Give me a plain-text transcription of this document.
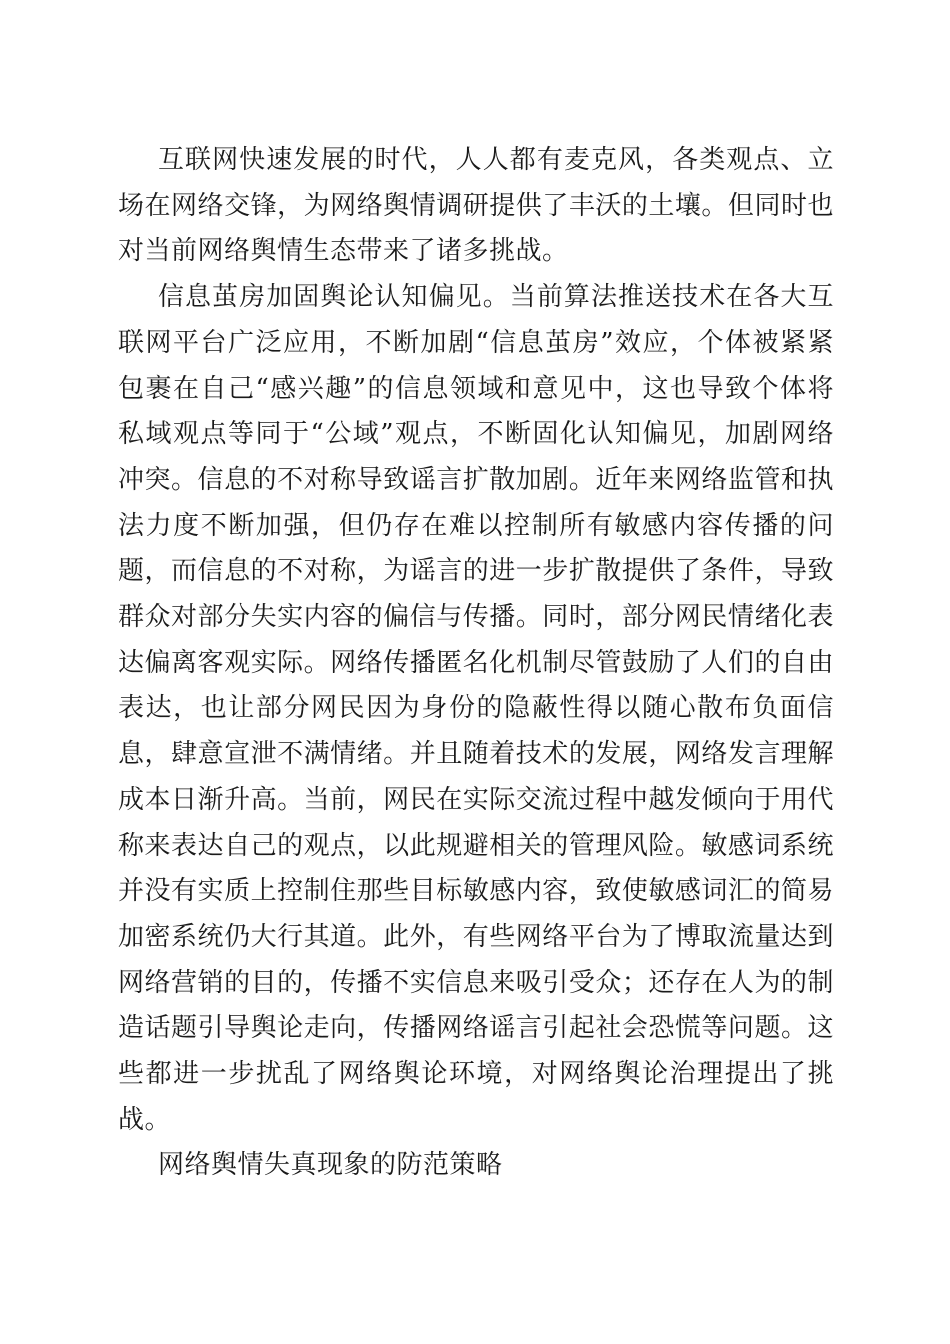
互联网快速发展的时代，人人都有麦克风，各类观点、立场在网络交锋，为网络舆情调研提供了丰沃的土壤。但同时也对当前网络舆情生态带来了诸多挑战。

信息茧房加固舆论认知偏见。当前算法推送技术在各大互联网平台广泛应用，不断加剧“信息茧房”效应，个体被紧紧包裹在自己“感兴趣”的信息领域和意见中，这也导致个体将私域观点等同于“公域”观点，不断固化认知偏见，加剧网络冲突。信息的不对称导致谣言扩散加剧。近年来网络监管和执法力度不断加强，但仍存在难以控制所有敏感内容传播的问题，而信息的不对称，为谣言的进一步扩散提供了条件，导致群众对部分失实内容的偏信与传播。同时，部分网民情绪化表达偏离客观实际。网络传播匿名化机制尽管鼓励了人们的自由表达，也让部分网民因为身份的隐蔽性得以随心散布负面信息，肆意宣泄不满情绪。并且随着技术的发展，网络发言理解成本日渐升高。当前，网民在实际交流过程中越发倾向于用代称来表达自己的观点，以此规避相关的管理风险。敏感词系统并没有实质上控制住那些目标敏感内容，致使敏感词汇的简易加密系统仍大行其道。此外，有些网络平台为了博取流量达到网络营销的目的，传播不实信息来吸引受众；还存在人为的制造话题引导舆论走向，传播网络谣言引起社会恐慌等问题。这些都进一步扰乱了网络舆论环境，对网络舆论治理提出了挑战。

网络舆情失真现象的防范策略
